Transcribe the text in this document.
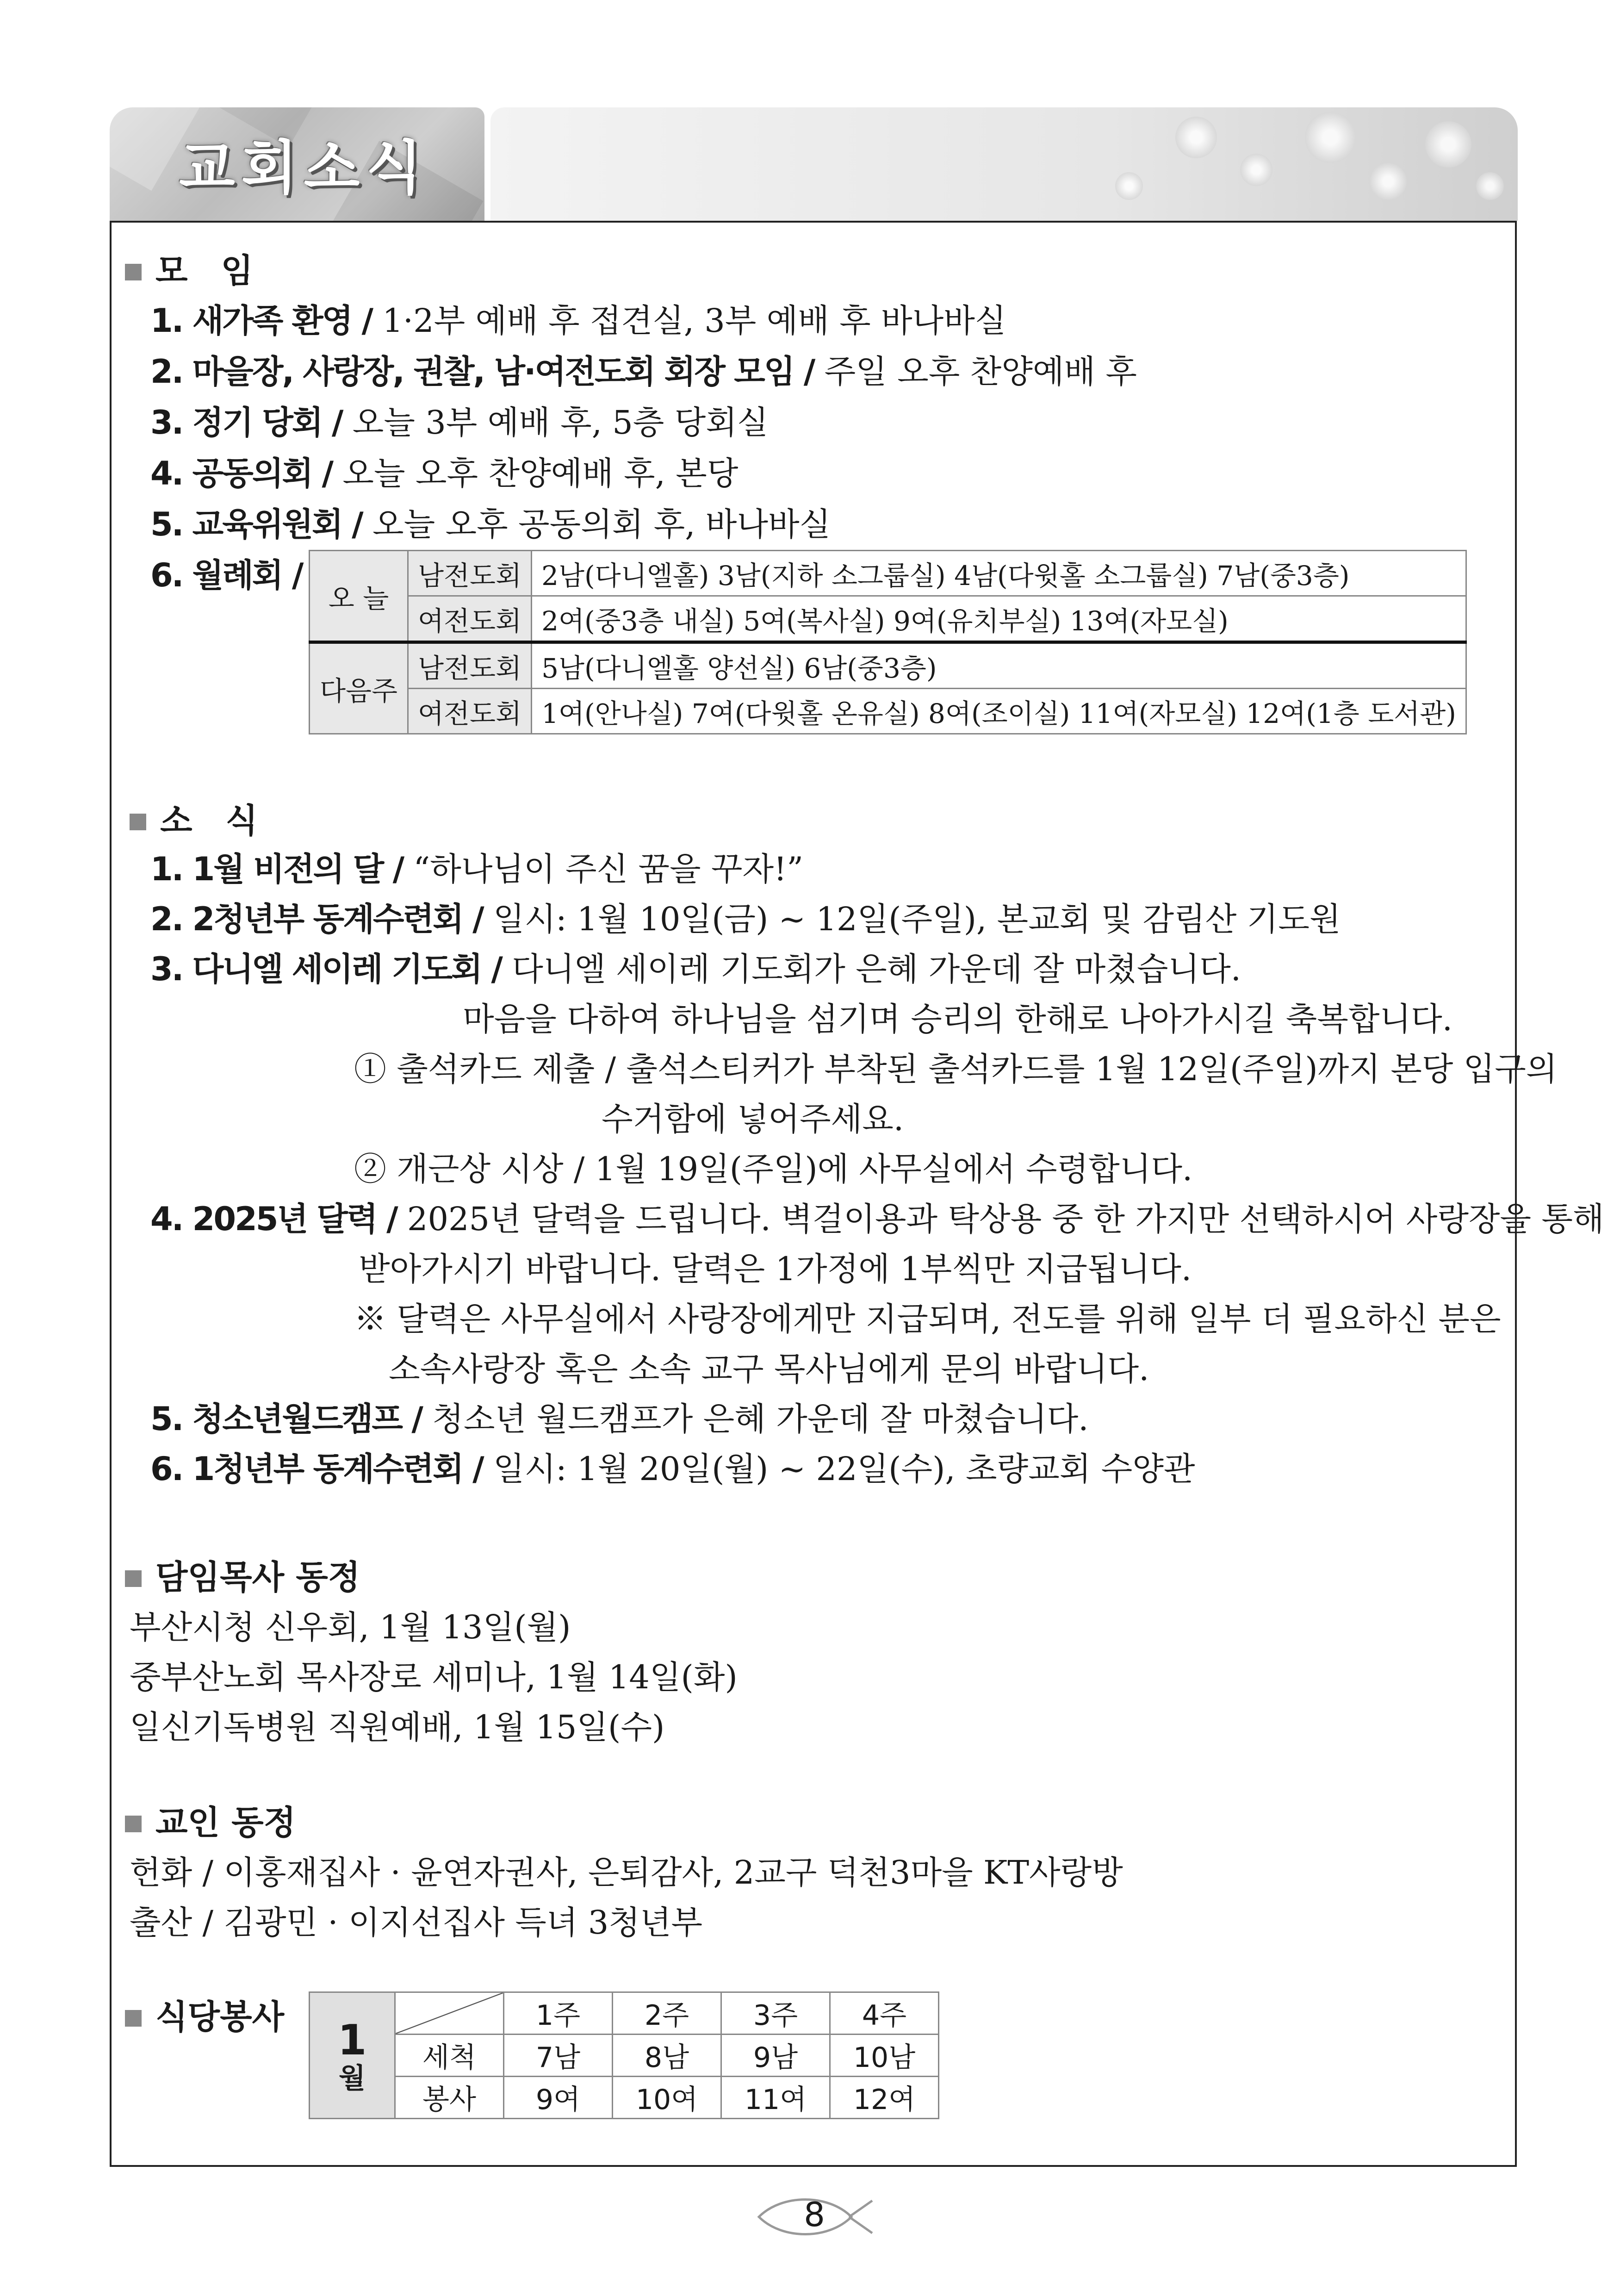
교회소식
모　임
1. 새가족 환영 / 1·2부 예배 후 접견실, 3부 예배 후 바나바실
2. 마을장, 사랑장, 권찰, 남·여전도회 회장 모임 / 주일 오후 찬양예배 후
3. 정기 당회 / 오늘 3부 예배 후, 5층 당회실
4. 공동의회 / 오늘 오후 찬양예배 후, 본당
5. 교육위원회 / 오늘 오후 공동의회 후, 바나바실
6. 월례회 /
오 늘	남전도회	2남(다니엘홀) 3남(지하 소그룹실) 4남(다윗홀 소그룹실) 7남(중3층)
	여전도회	2여(중3층 내실) 5여(복사실) 9여(유치부실) 13여(자모실)
다음주	남전도회	5남(다니엘홀 양선실) 6남(중3층)
	여전도회	1여(안나실) 7여(다윗홀 온유실) 8여(조이실) 11여(자모실) 12여(1층 도서관)
소　식
1. 1월 비전의 달 / “하나님이 주신 꿈을 꾸자!”
2. 2청년부 동계수련회 / 일시: 1월 10일(금) ~ 12일(주일), 본교회 및 감림산 기도원
3. 다니엘 세이레 기도회 / 다니엘 세이레 기도회가 은혜 가운데 잘 마쳤습니다.
마음을 다하여 하나님을 섬기며 승리의 한해로 나아가시길 축복합니다.
① 출석카드 제출 / 출석스티커가 부착된 출석카드를 1월 12일(주일)까지 본당 입구의
수거함에 넣어주세요.
② 개근상 시상 / 1월 19일(주일)에 사무실에서 수령합니다.
4. 2025년 달력 / 2025년 달력을 드립니다. 벽걸이용과 탁상용 중 한 가지만 선택하시어 사랑장을 통해
받아가시기 바랍니다. 달력은 1가정에 1부씩만 지급됩니다.
※ 달력은 사무실에서 사랑장에게만 지급되며, 전도를 위해 일부 더 필요하신 분은
소속사랑장 혹은 소속 교구 목사님에게 문의 바랍니다.
5. 청소년월드캠프 / 청소년 월드캠프가 은혜 가운데 잘 마쳤습니다.
6. 1청년부 동계수련회 / 일시: 1월 20일(월) ~ 22일(수), 초량교회 수양관
담임목사 동정
부산시청 신우회, 1월 13일(월)
중부산노회 목사장로 세미나, 1월 14일(화)
일신기독병원 직원예배, 1월 15일(수)
교인 동정
헌화 / 이홍재집사 · 윤연자권사, 은퇴감사, 2교구 덕천3마을 KT사랑방
출산 / 김광민 · 이지선집사 득녀 3청년부
식당봉사	1
월		1주	2주	3주	4주
	세척	7남	8남	9남	10남
	봉사	9여	10여	11여	12여
8
